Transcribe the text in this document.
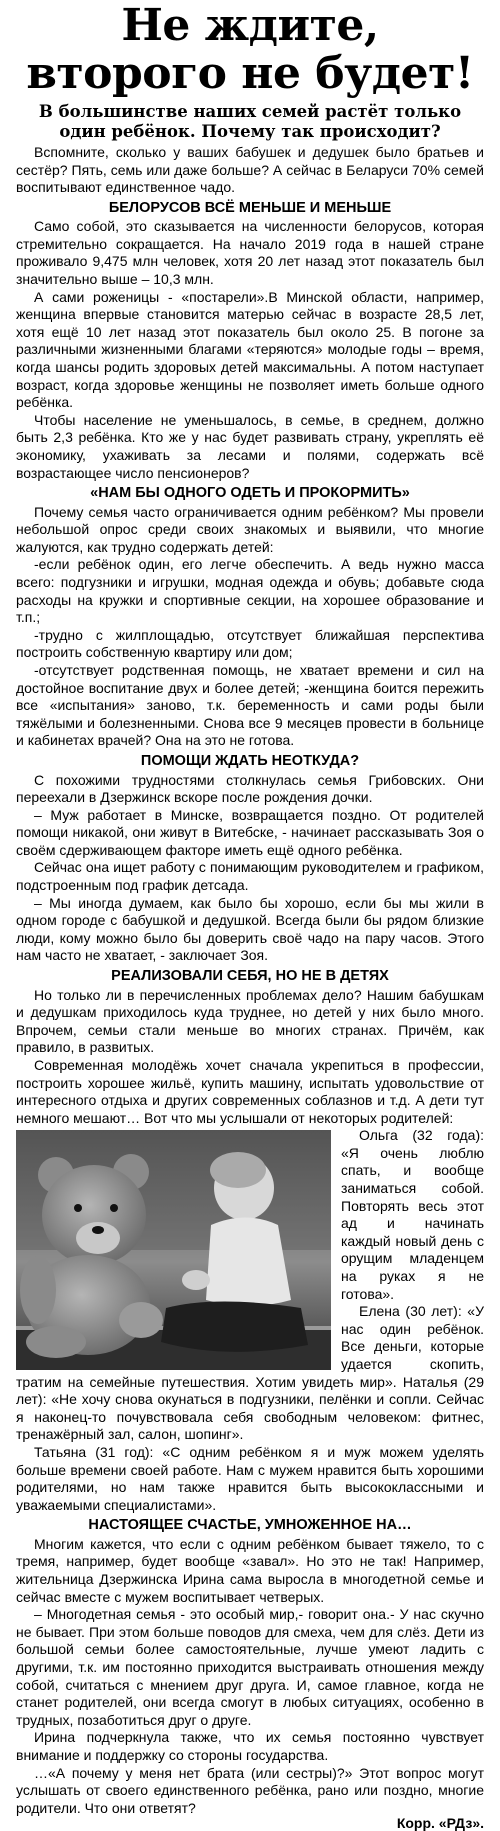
Не ждите, второго не будет!
В большинстве наших семей растёт только один ребёнок. Почему так происходит?

Вспомните, сколько у ваших бабушек и дедушек было братьев и сестёр? Пять, семь или даже больше? А сейчас в Беларуси 70% семей воспитывают единственное чадо.

БЕЛОРУСОВ ВСЁ МЕНЬШЕ И МЕНЬШЕ

Само собой, это сказывается на численности белорусов, которая стремительно сокращается. На начало 2019 года в нашей стране проживало 9,475 млн человек, хотя 20 лет назад этот показатель был значительно выше – 10,3 млн.

А сами роженицы - «постарели».В Минской области, например, женщина впервые становится матерью сейчас в возрасте 28,5 лет, хотя ещё 10 лет назад этот показатель был около 25. В погоне за различными жизненными благами «теряются» молодые годы – время, когда шансы родить здоровых детей максимальны. А потом наступает возраст, когда здоровье женщины не позволяет иметь больше одного ребёнка.

Чтобы население не уменьшалось, в семье, в среднем, должно быть 2,3 ребёнка. Кто же у нас будет развивать страну, укреплять её экономику, ухаживать за лесами и полями, содержать всё возрастающее число пенсионеров?

«НАМ БЫ ОДНОГО ОДЕТЬ И ПРОКОРМИТЬ»

Почему семья часто ограничивается одним ребёнком? Мы провели небольшой опрос среди своих знакомых и выявили, что многие жалуются, как трудно содержать детей:

-если ребёнок один, его легче обеспечить. А ведь нужно масса всего: подгузники и игрушки, модная одежда и обувь; добавьте сюда расходы на кружки и спортивные секции, на хорошее образование и т.п.;

-трудно с жилплощадью, отсутствует ближайшая перспектива построить собственную квартиру или дом;

-отсутствует родственная помощь, не хватает времени и сил на достойное воспитание двух и более детей; -женщина боится пережить все «испытания» заново, т.к. беременность и сами роды были тяжёлыми и болезненными. Снова все 9 месяцев провести в больнице и кабинетах врачей? Она на это не готова.

ПОМОЩИ ЖДАТЬ НЕОТКУДА?

С похожими трудностями столкнулась семья Грибовских. Они переехали в Дзержинск вскоре после рождения дочки.

– Муж работает в Минске, возвращается поздно. От родителей помощи никакой, они живут в Витебске, - начинает рассказывать Зоя о своём сдерживающем факторе иметь ещё одного ребёнка.

Сейчас она ищет работу с понимающим руководителем и графиком, подстроенным под график детсада.

– Мы иногда думаем, как было бы хорошо, если бы мы жили в одном городе с бабушкой и дедушкой. Всегда были бы рядом близкие люди, кому можно было бы доверить своё чадо на пару часов. Этого нам часто не хватает, - заключает Зоя.

РЕАЛИЗОВАЛИ СЕБЯ, НО НЕ В ДЕТЯХ

Но только ли в перечисленных проблемах дело? Нашим бабушкам и дедушкам приходилось куда труднее, но детей у них было много. Впрочем, семьи стали меньше во многих странах. Причём, как правило, в развитых.

Современная молодёжь хочет сначала укрепиться в профессии, построить хорошее жильё, купить машину, испытать удовольствие от интересного отдыха и других современных соблазнов и т.д. А дети тут немного мешают… Вот что мы услышали от некоторых родителей:

Ольга (32 года): «Я очень люблю спать, и вообще заниматься собой. Повторять весь этот ад и начинать каждый новый день с орущим младенцем на руках я не готова».

Елена (30 лет): «У нас один ребёнок. Все деньги, которые удается скопить, тратим на семейные путешествия. Хотим увидеть мир». Наталья (29 лет): «Не хочу снова окунаться в подгузники, пелёнки и сопли. Сейчас я наконец-то почувствовала себя свободным человеком: фитнес, тренажёрный зал, салон, шопинг».

Татьяна (31 год): «С одним ребёнком я и муж можем уделять больше времени своей работе. Нам с мужем нравится быть хорошими родителями, но нам также нравится быть высококлассными и уважаемыми специалистами».

НАСТОЯЩЕЕ СЧАСТЬЕ, УМНОЖЕННОЕ НА…

Многим кажется, что если с одним ребёнком бывает тяжело, то с тремя, например, будет вообще «завал». Но это не так! Например, жительница Дзержинска Ирина сама выросла в многодетной семье и сейчас вместе с мужем воспитывает четверых.

– Многодетная семья - это особый мир,- говорит она.- У нас скучно не бывает. При этом больше поводов для смеха, чем для слёз. Дети из большой семьи более самостоятельные, лучше умеют ладить с другими, т.к. им постоянно приходится выстраивать отношения между собой, считаться с мнением друг друга. И, самое главное, когда не станет родителей, они всегда смогут в любых ситуациях, особенно в трудных, позаботиться друг о друге.

Ирина подчеркнула также, что их семья постоянно чувствует внимание и поддержку со стороны государства.

…«А почему у меня нет брата (или сестры)?» Этот вопрос могут услышать от своего единственного ребёнка, рано или поздно, многие родители. Что они ответят?

Корр. «РДз».
